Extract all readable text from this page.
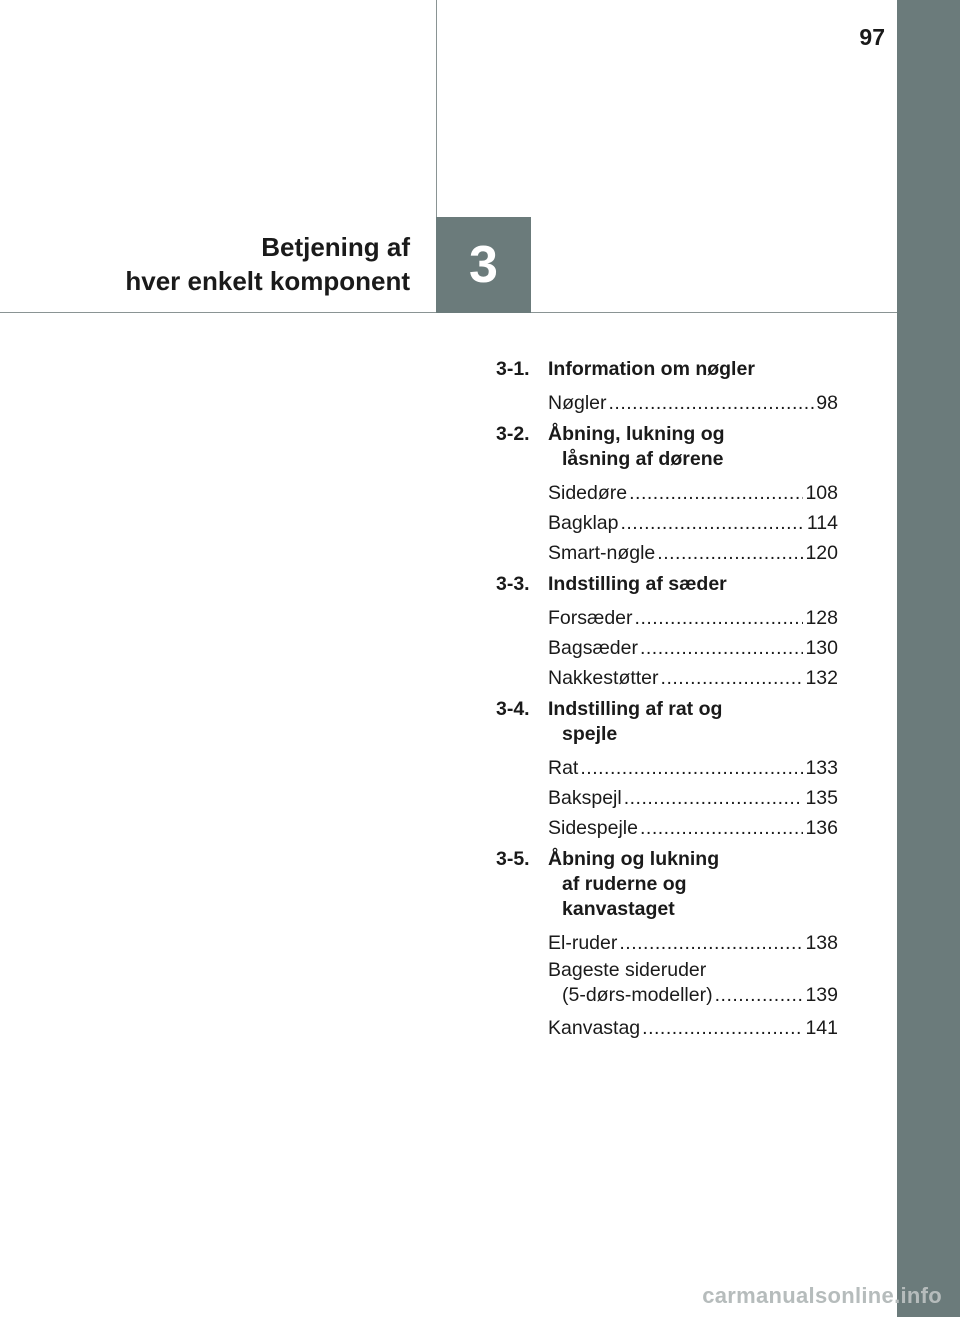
97
3
Betjening af
hver enkelt komponent
3-1. Information om nøgler
Nøgler .....	98
3-2. Åbning, lukning og
låsning af dørene
Sidedøre .....	108
Bagklap .....	114
Smart-nøgle .....	120
3-3. Indstilling af sæder
Forsæder .....	128
Bagsæder .....	130
Nakkestøtter .....	132
3-4. Indstilling af rat og
spejle
Rat .....	133
Bakspejl .....	135
Sidespejle .....	136
3-5. Åbning og lukning
af ruderne og
kanvastaget
El-ruder .....	138
Bageste sideruder
(5-dørs-modeller) .....	139
Kanvastag .....	141
carmanualsonline.info
